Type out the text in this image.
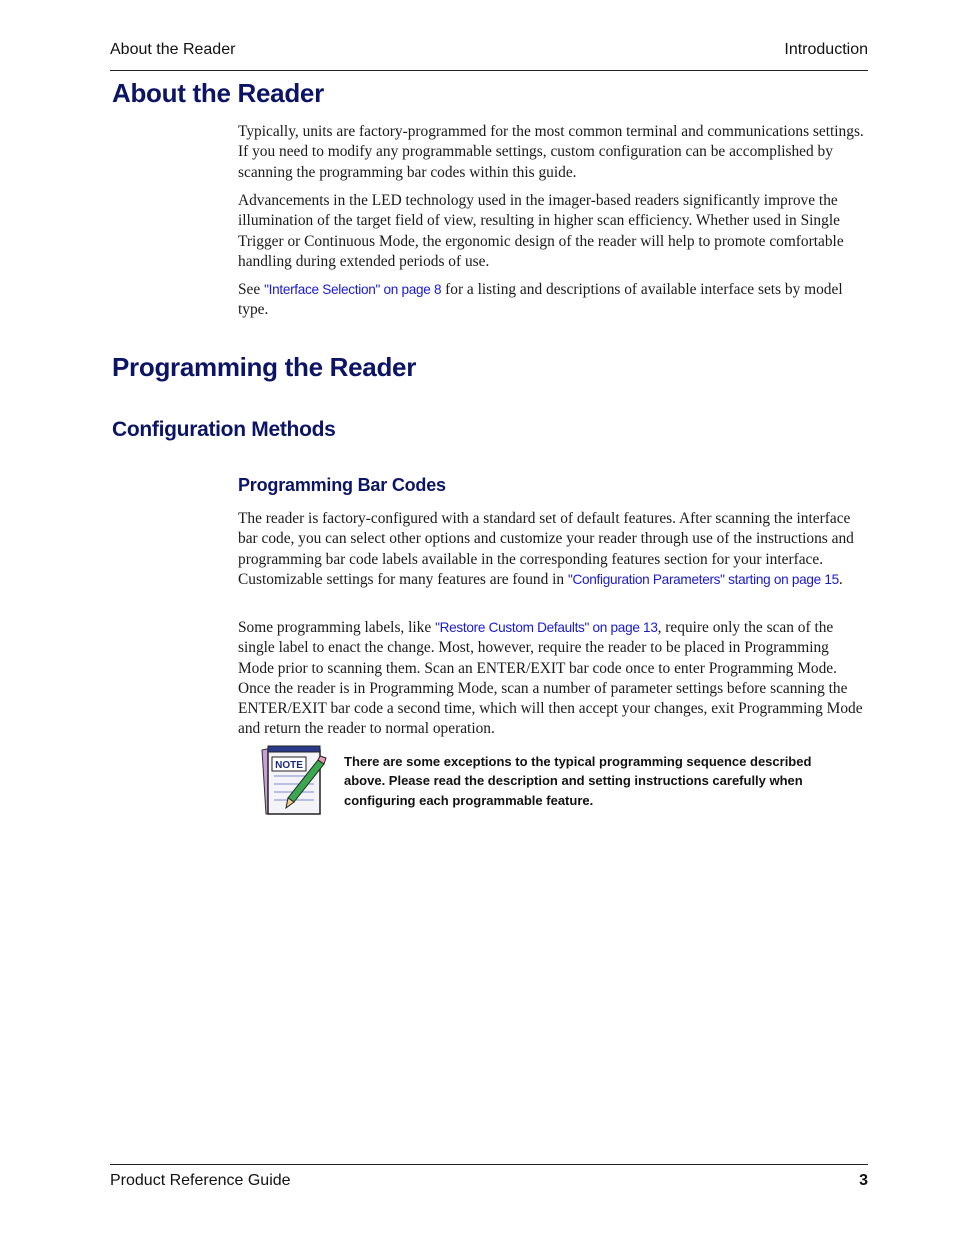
About the Reader	Introduction
About the Reader

Typically, units are factory-programmed for the most common terminal and communications settings. If you need to modify any programmable settings, custom configuration can be accomplished by scanning the programming bar codes within this guide.

Advancements in the LED technology used in the imager-based readers significantly improve the illumination of the target field of view, resulting in higher scan efficiency. Whether used in Single Trigger or Continuous Mode, the ergonomic design of the reader will help to promote comfortable handling during extended periods of use.

See "Interface Selection" on page 8 for a listing and descriptions of available interface sets by model type.

Programming the Reader
Configuration Methods
Programming Bar Codes

The reader is factory-configured with a standard set of default features. After scanning the interface bar code, you can select other options and customize your reader through use of the instructions and programming bar code labels available in the corresponding features section for your interface. Customizable settings for many features are found in "Configuration Parameters" starting on page 15.

Some programming labels, like "Restore Custom Defaults" on page 13, require only the scan of the single label to enact the change. Most, however, require the reader to be placed in Programming Mode prior to scanning them. Scan an ENTER/EXIT bar code once to enter Programming Mode. Once the reader is in Programming Mode, scan a number of parameter settings before scanning the ENTER/EXIT bar code a second time, which will then accept your changes, exit Programming Mode and return the reader to normal operation.

NOTE	There are some exceptions to the typical programming sequence described above. Please read the description and setting instructions carefully when configuring each programmable feature.
Product Reference Guide	3
